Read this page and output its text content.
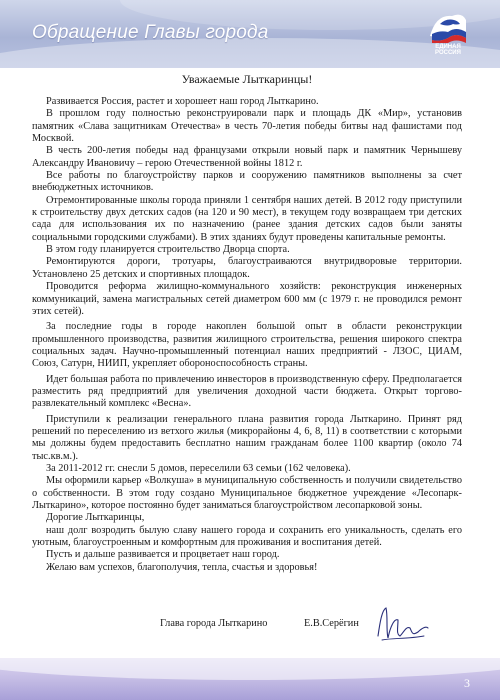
Обращение Главы города
ЕДИНАЯ
РОССИЯ
Уважаемые Лыткаринцы!

Развивается Россия, растет и хорошеет наш город Лыткарино.

В прошлом году полностью реконструировали парк и площадь ДК «Мир», установив памятник «Слава защитникам Отечества» в честь 70-летия победы битвы над фашистами под Москвой.

В честь 200-летия победы над французами открыли новый парк и памятник Чернышеву Александру Ивановичу – герою Отечественной войны 1812 г.

Все работы по благоустройству парков и сооружению памятников выполнены за счет внебюджетных источников.

Отремонтированные школы города приняли 1 сентября наших детей. В 2012 году приступили к строительству двух детских садов (на 120 и 90 мест), в текущем году возвращаем три детских сада для использования их по назначению (ранее здания детских садов были заняты социальными городскими службами). В этих зданиях будут проведены капитальные ремонты.

В этом году планируется строительство Дворца спорта.

Ремонтируются дороги, тротуары, благоустраиваются внутридворовые территории. Установлено 25 детских и спортивных площадок.

Проводится реформа жилищно-коммунального хозяйств: реконструкция инженерных коммуникаций, замена магистральных сетей диаметром 600 мм (с 1979 г. не проводился ремонт этих сетей).

За последние годы в городе накоплен большой опыт в области реконструкции промышленного производства, развития жилищного строительства, решения широкого спектра социальных задач. Научно-промышленный потенциал наших предприятий - ЛЗОС, ЦИАМ, Союз, Сатурн, НИИП, укрепляет обороноспособность страны.

Идет большая работа по привлечению инвесторов в производственную сферу. Предполагается разместить ряд предприятий для увеличения доходной части бюджета. Открыт торгово-развлекательный комплекс «Весна».

Приступили к реализации генерального плана развития города Лыткарино. Принят ряд решений по переселению из ветхого жилья (микрорайоны 4, 6, 8, 11) в соответствии с которыми мы должны будем предоставить бесплатно нашим гражданам более 1100 квартир (около 74 тыс.кв.м.).

За 2011-2012 гг. снесли 5 домов, переселили 63 семьи (162 человека).

Мы оформили карьер «Волкуша» в муниципальную собственность и получили свидетельство о собственности. В этом году создано Муниципальное бюджетное учреждение «Лесопарк-Лыткарино», которое постоянно будет заниматься благоустройством лесопарковой зоны.

Дорогие Лыткаринцы,

наш долг возродить былую славу нашего города и сохранить его уникальность, сделать его уютным, благоустроенным и комфортным для проживания и воспитания детей.

Пусть и дальше развивается и процветает наш город.

Желаю вам успехов, благополучия, тепла, счастья и здоровья!

Глава города Лыткарино	Е.В.Серёгин
3
